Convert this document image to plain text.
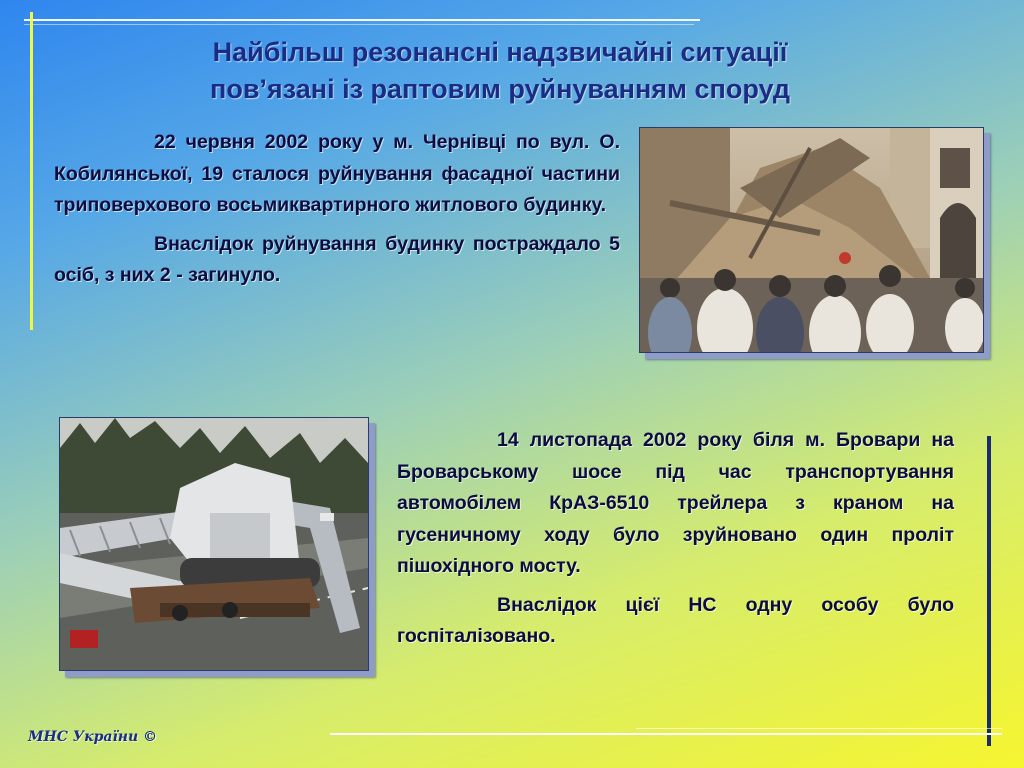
Найбільш резонансні надзвичайні ситуації
пов’язані із раптовим руйнуванням споруд

22 червня 2002 року у м. Чернівці по вул. О. Кобилянської, 19 сталося руйнування фасадної частини триповерхового восьмиквартирного житлового будинку.

Внаслідок руйнування будинку постраждало 5 осіб, з них 2 - загинуло.

14 листопада 2002 року біля м. Бровари на Броварському шосе під час транспортування автомобілем КрАЗ-6510 трейлера з краном на гусеничному ходу було зруйновано один проліт пішохідного мосту.

Внаслідок цієї НС одну особу було госпіталізовано.

МНС України ©
